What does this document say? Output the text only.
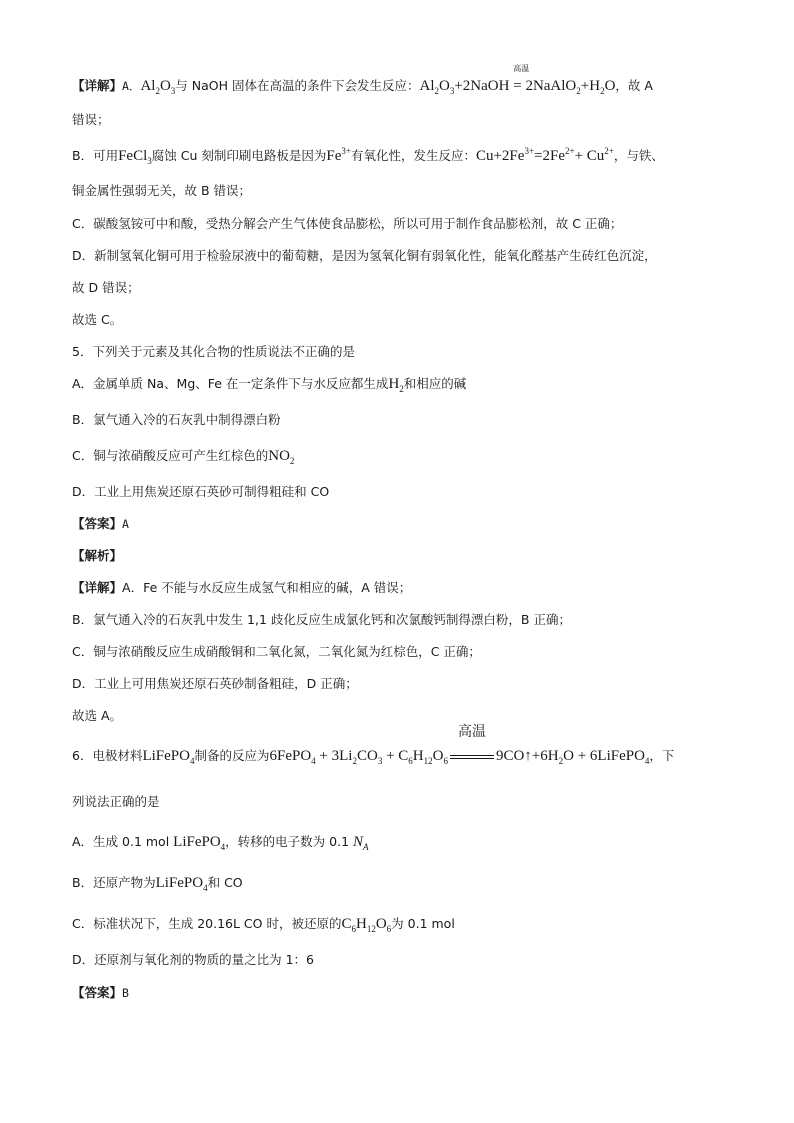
【详解】A．$Al_2O_3$与 NaOH 固体在高温的条件下会发生反应：$Al_2O_3+2NaOH$
高温
= $2NaAlO_2+H_2O$，故 A
错误；
B．可用FeCl$_3$腐蚀 Cu 刻制印刷电路板是因为$Fe^{3+}$有氧化性，发生反应：$Cu+2Fe^{3+}=2Fe^{2+}+ Cu^{2+}$，与铁、
铜金属性强弱无关，故 B 错误；
C．碳酸氢铵可中和酸，受热分解会产生气体使食品膨松，所以可用于制作食品膨松剂，故 C 正确；
D．新制氢氧化铜可用于检验尿液中的葡萄糖，是因为氢氧化铜有弱氧化性，能氧化醛基产生砖红色沉淀，
故 D 错误；
故选 C。
5．下列关于元素及其化合物的性质说法不正确的是
A．金属单质 Na、Mg、Fe 在一定条件下与水反应都生成$H_2$和相应的碱
B．氯气通入冷的石灰乳中制得漂白粉
C．铜与浓硝酸反应可产生红棕色的$NO_2$
D．工业上用焦炭还原石英砂可制得粗硅和 CO
【答案】A
【解析】
【详解】A．Fe 不能与水反应生成氢气和相应的碱，A 错误；
B．氯气通入冷的石灰乳中发生 1,1 歧化反应生成氯化钙和次氯酸钙制得漂白粉，B 正确；
C．铜与浓硝酸反应生成硝酸铜和二氧化氮，二氧化氮为红棕色，C 正确；
D．工业上可用焦炭还原石英砂制备粗硅，D 正确；
故选 A。
6．电极材料LiFePO$_4$制备的反应为6FePO$_4$ + $3Li_2CO_3 + C_6H_{12}O_6$
高温
$9CO↑+6H_2O$ + 6LiFePO$_4$，下
列说法正确的是
A．生成 0.1 mol LiFePO$_4$，转移的电子数为 0.1 $N_A$
B．还原产物为LiFePO$_4$和 CO
C．标准状况下，生成 20.16L CO 时，被还原的$C_6H_{12}O_6$为 0.1 mol
D．还原剂与氧化剂的物质的量之比为 1：6
【答案】B
